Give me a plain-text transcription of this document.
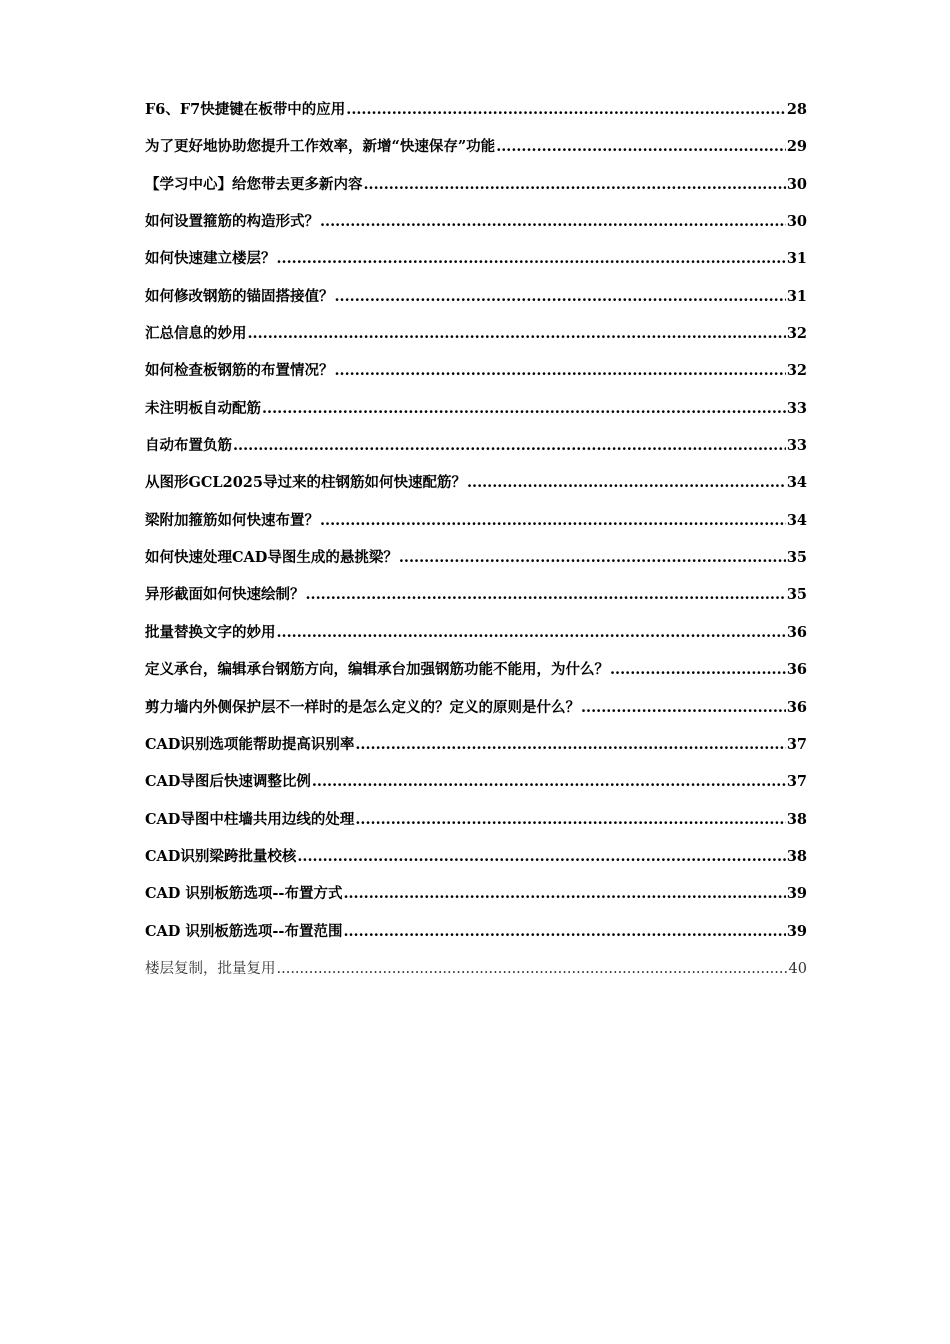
F6、F7快捷键在板带中的应用 .....	28
为了更好地协助您提升工作效率，新增“快速保存”功能 .....	29
【学习中心】给您带去更多新内容 .....	30
如何设置箍筋的构造形式？ .....	30
如何快速建立楼层？ .....	31
如何修改钢筋的锚固搭接值？ .....	31
汇总信息的妙用 .....	32
如何检查板钢筋的布置情况？ .....	32
未注明板自动配筋 .....	33
自动布置负筋 .....	33
从图形GCL2025导过来的柱钢筋如何快速配筋？ .....	34
梁附加箍筋如何快速布置？ .....	34
如何快速处理CAD导图生成的悬挑梁？ .....	35
异形截面如何快速绘制？ .....	35
批量替换文字的妙用 .....	36
定义承台，编辑承台钢筋方向，编辑承台加强钢筋功能不能用，为什么？ .....	36
剪力墙内外侧保护层不一样时的是怎么定义的？定义的原则是什么？ .....	36
CAD识别选项能帮助提高识别率 .....	37
CAD导图后快速调整比例 .....	37
CAD导图中柱墙共用边线的处理 .....	38
CAD识别梁跨批量校核 .....	38
CAD 识别板筋选项--布置方式 .....	39
CAD 识别板筋选项--布置范围 .....	39
楼层复制，批量复用 .....	40
